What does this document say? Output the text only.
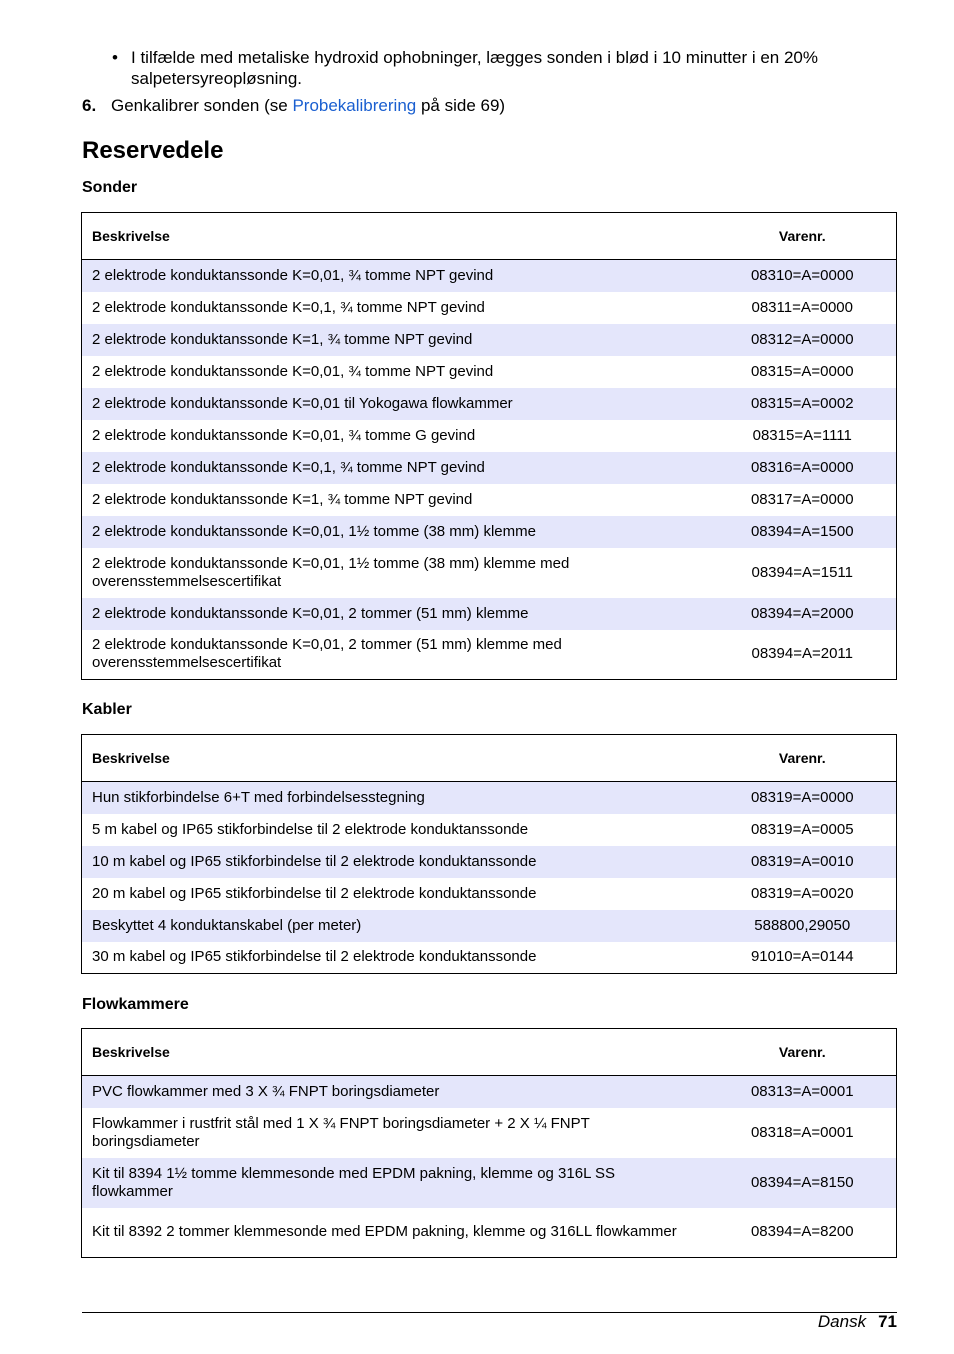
• I tilfælde med metaliske hydroxid ophobninger, lægges sonden i blød i 10 minutter i en 20%
salpetersyreopløsning.
6. Genkalibrer sonden (se Probekalibrering på side 69)
Reservedele
Sonder
Beskrivelse	Varenr.
2 elektrode konduktanssonde K=0,01, ¾ tomme NPT gevind	08310=A=0000
2 elektrode konduktanssonde K=0,1, ¾ tomme NPT gevind	08311=A=0000
2 elektrode konduktanssonde K=1, ¾ tomme NPT gevind	08312=A=0000
2 elektrode konduktanssonde K=0,01, ¾ tomme NPT gevind	08315=A=0000
2 elektrode konduktanssonde K=0,01 til Yokogawa flowkammer	08315=A=0002
2 elektrode konduktanssonde K=0,01, ¾ tomme G gevind	08315=A=1111
2 elektrode konduktanssonde K=0,1, ¾ tomme NPT gevind	08316=A=0000
2 elektrode konduktanssonde K=1, ¾ tomme NPT gevind	08317=A=0000
2 elektrode konduktanssonde K=0,01, 1½ tomme (38 mm) klemme	08394=A=1500
2 elektrode konduktanssonde K=0,01, 1½ tomme (38 mm) klemme med overensstemmelsescertifikat	08394=A=1511
2 elektrode konduktanssonde K=0,01, 2 tommer (51 mm) klemme	08394=A=2000
2 elektrode konduktanssonde K=0,01, 2 tommer (51 mm) klemme med overensstemmelsescertifikat	08394=A=2011
Kabler
Beskrivelse	Varenr.
Hun stikforbindelse 6+T med forbindelsesstegning	08319=A=0000
5 m kabel og IP65 stikforbindelse til 2 elektrode konduktanssonde	08319=A=0005
10 m kabel og IP65 stikforbindelse til 2 elektrode konduktanssonde	08319=A=0010
20 m kabel og IP65 stikforbindelse til 2 elektrode konduktanssonde	08319=A=0020
Beskyttet 4 konduktanskabel (per meter)	588800,29050
30 m kabel og IP65 stikforbindelse til 2 elektrode konduktanssonde	91010=A=0144
Flowkammere
Beskrivelse	Varenr.
PVC flowkammer med 3 X ¾ FNPT boringsdiameter	08313=A=0001
Flowkammer i rustfrit stål med 1 X ¾ FNPT boringsdiameter + 2 X ¼ FNPT boringsdiameter	08318=A=0001
Kit til 8394 1½ tomme klemmesonde med EPDM pakning, klemme og 316L SS flowkammer	08394=A=8150
Kit til 8392 2 tommer klemmesonde med EPDM pakning, klemme og 316LL flowkammer	08394=A=8200
Dansk 71
